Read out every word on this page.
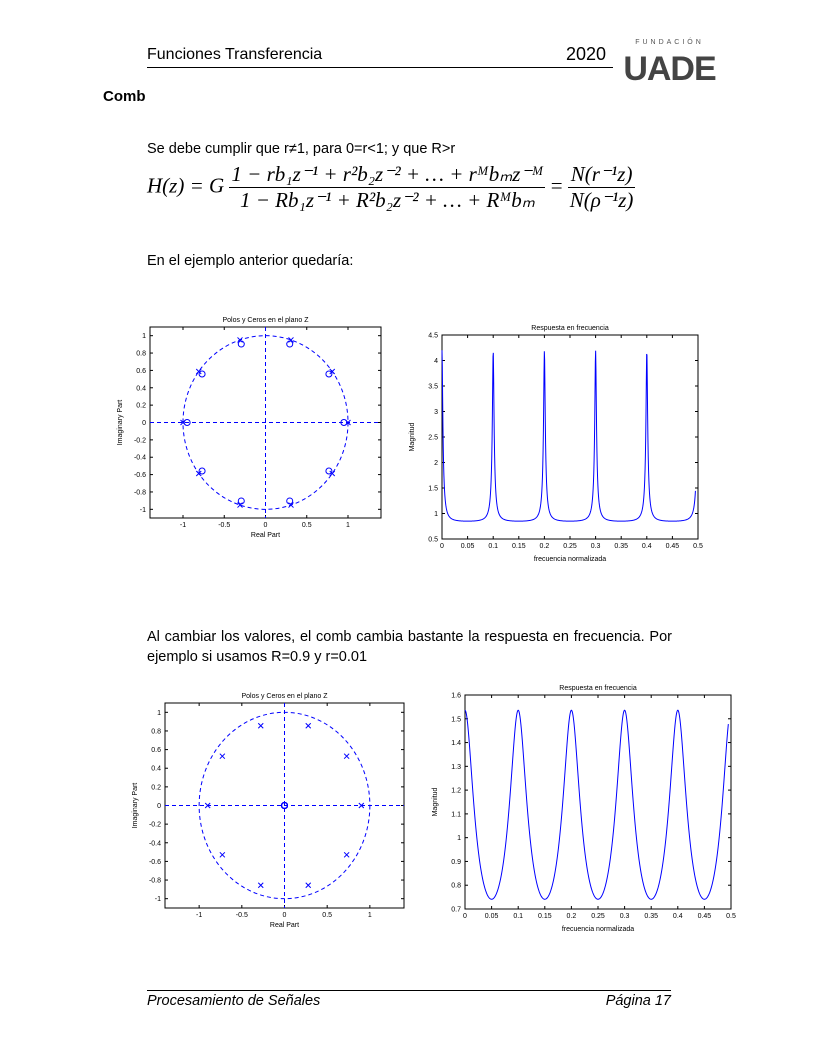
Funciones Transferencia	2020
FUNDACIÓN
UADE
Comb
Se debe cumplir que r≠1, para 0=r<1; y que R>r
H(z) = G $\frac{\text{1 − rb₁z⁻¹ + r²b₂z⁻² + … + rᴹbₘz⁻ᴹ}}{\text{1 − Rb₁z⁻¹ + R²b₂z⁻² + … + Rᴹbₘ}} = \frac{\text{N(r⁻¹z)}}{\text{N(ρ⁻¹z)}}$
En el ejemplo anterior quedaría:
Polos y Ceros en el plano Z
Real Part
Imaginary Part
-1	-0.5	0	0.5	1
1
0.8
0.6
0.4
0.2
0
-0.2
-0.4
-0.6
-0.8
-1
Respuesta en frecuencia
frecuencia normalizada
Magnitud
0 0.05 0.1 0.15 0.2 0.25 0.3 0.35 0.4 0.45 0.5
4.5
4
3.5
3
2.5
2
1.5
1
0.5
Polos y Ceros en el plano Z
Real Part
Imaginary Part
-1	-0.5	0	0.5	1
1
0.8
0.6
0.4
0.2
0
-0.2
-0.4
-0.6
-0.8
-1
Respuesta en frecuencia
frecuencia normalizada
Magnitud
0	0.05 0.1 0.15 0.2 0.25 0.3 0.35 0.4 0.45 0.5
1.6
1.5
1.4
1.3
1.2
1.1
1
0.9
0.8
0.7
Al cambiar los valores, el comb cambia bastante la respuesta en frecuencia. Por ejemplo si usamos R=0.9 y r=0.01
Procesamiento de Señales	Página 17
